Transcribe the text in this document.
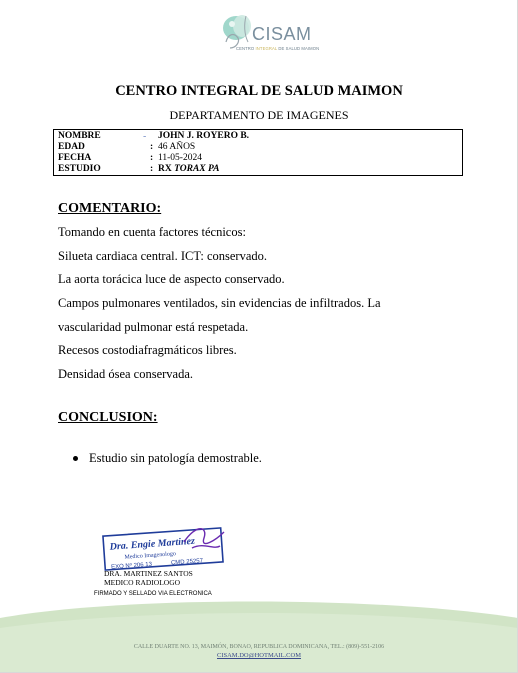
CISAM
CENTRO INTEGRAL DE SALUD MAIMON
CENTRO INTEGRAL DE SALUD MAIMON
DEPARTAMENTO DE IMAGENES
⌣
NOMBRE	JOHN J. ROYERO B.
EDAD	: 46 AÑOS
FECHA	: 11-05-2024
ESTUDIO	: RX TORAX PA
COMENTARIO:
Tomando en cuenta factores técnicos:
Silueta cardiaca central. ICT: conservado.
La aorta torácica luce de aspecto conservado.
Campos pulmonares ventilados, sin evidencias de infiltrados. La
vascularidad pulmonar está respetada.
Recesos costodiafragmáticos libres.
Densidad ósea conservada.
CONCLUSION:
Estudio sin patología demostrable.
Dra. Engie Martinez
Medico Imagenologo
EXQ Nº 206 13	CMD 25257
DRA. MARTINEZ SANTOS
MEDICO RADIOLOGO
FIRMADO Y SELLADO VIA ELECTRONICA
CALLE DUARTE NO. 13, MAIMÓN, BONAO, REPUBLICA DOMINICANA, TEL.: (809)-551-2106
CISAM.DO@HOTMAIL.COM
